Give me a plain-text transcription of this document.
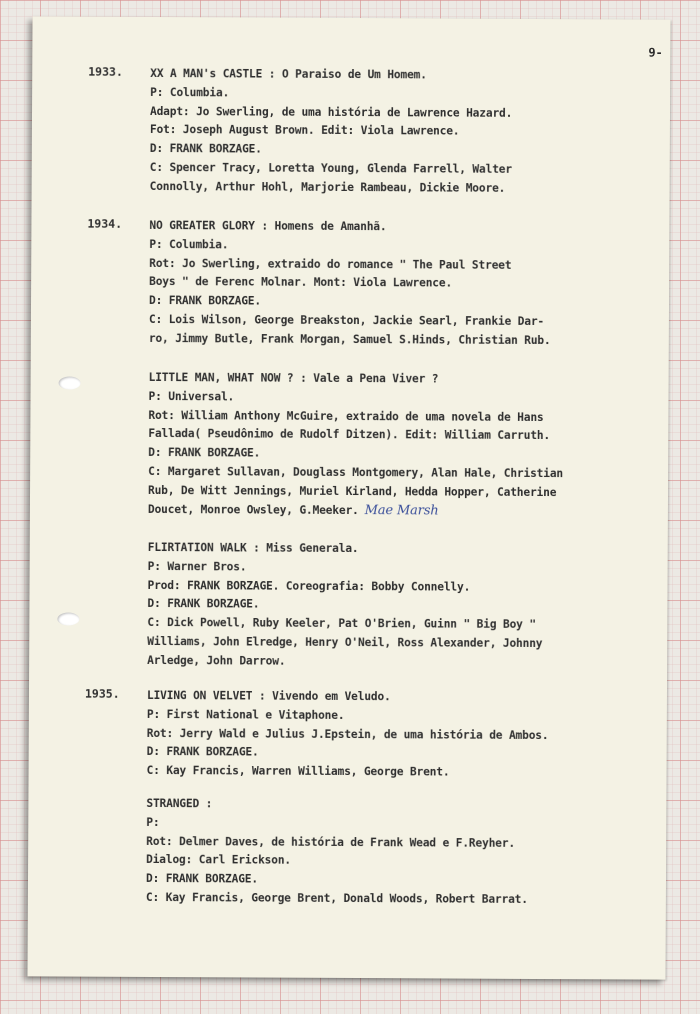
9-
1933. XX A MAN's CASTLE : O Paraiso de Um Homem.
P: Columbia.
Adapt: Jo Swerling, de uma história de Lawrence Hazard.
Fot: Joseph August Brown. Edit: Viola Lawrence.
D: FRANK BORZAGE.
C: Spencer Tracy, Loretta Young, Glenda Farrell, Walter
Connolly, Arthur Hohl, Marjorie Rambeau, Dickie Moore.
1934. NO GREATER GLORY : Homens de Amanhã.
P: Columbia.
Rot: Jo Swerling, extraido do romance " The Paul Street
Boys " de Ferenc Molnar. Mont: Viola Lawrence.
D: FRANK BORZAGE.
C: Lois Wilson, George Breakston, Jackie Searl, Frankie Dar-
ro, Jimmy Butle, Frank Morgan, Samuel S.Hinds, Christian Rub.
LITTLE MAN, WHAT NOW ? : Vale a Pena Viver ?
P: Universal.
Rot: William Anthony McGuire, extraido de uma novela de Hans
Fallada( Pseudônimo de Rudolf Ditzen). Edit: William Carruth.
D: FRANK BORZAGE.
C: Margaret Sullavan, Douglass Montgomery, Alan Hale, Christian
Rub, De Witt Jennings, Muriel Kirland, Hedda Hopper, Catherine
Doucet, Monroe Owsley, G.Meeker. Mae Marsh
FLIRTATION WALK : Miss Generala.
P: Warner Bros.
Prod: FRANK BORZAGE. Coreografia: Bobby Connelly.
D: FRANK BORZAGE.
C: Dick Powell, Ruby Keeler, Pat O'Brien, Guinn " Big Boy "
Williams, John Elredge, Henry O'Neil, Ross Alexander, Johnny
Arledge, John Darrow.
1935. LIVING ON VELVET : Vivendo em Veludo.
P: First National e Vitaphone.
Rot: Jerry Wald e Julius J.Epstein, de uma história de Ambos.
D: FRANK BORZAGE.
C: Kay Francis, Warren Williams, George Brent.
STRANGED :
P:
Rot: Delmer Daves, de história de Frank Wead e F.Reyher.
Dialog: Carl Erickson.
D: FRANK BORZAGE.
C: Kay Francis, George Brent, Donald Woods, Robert Barrat.
